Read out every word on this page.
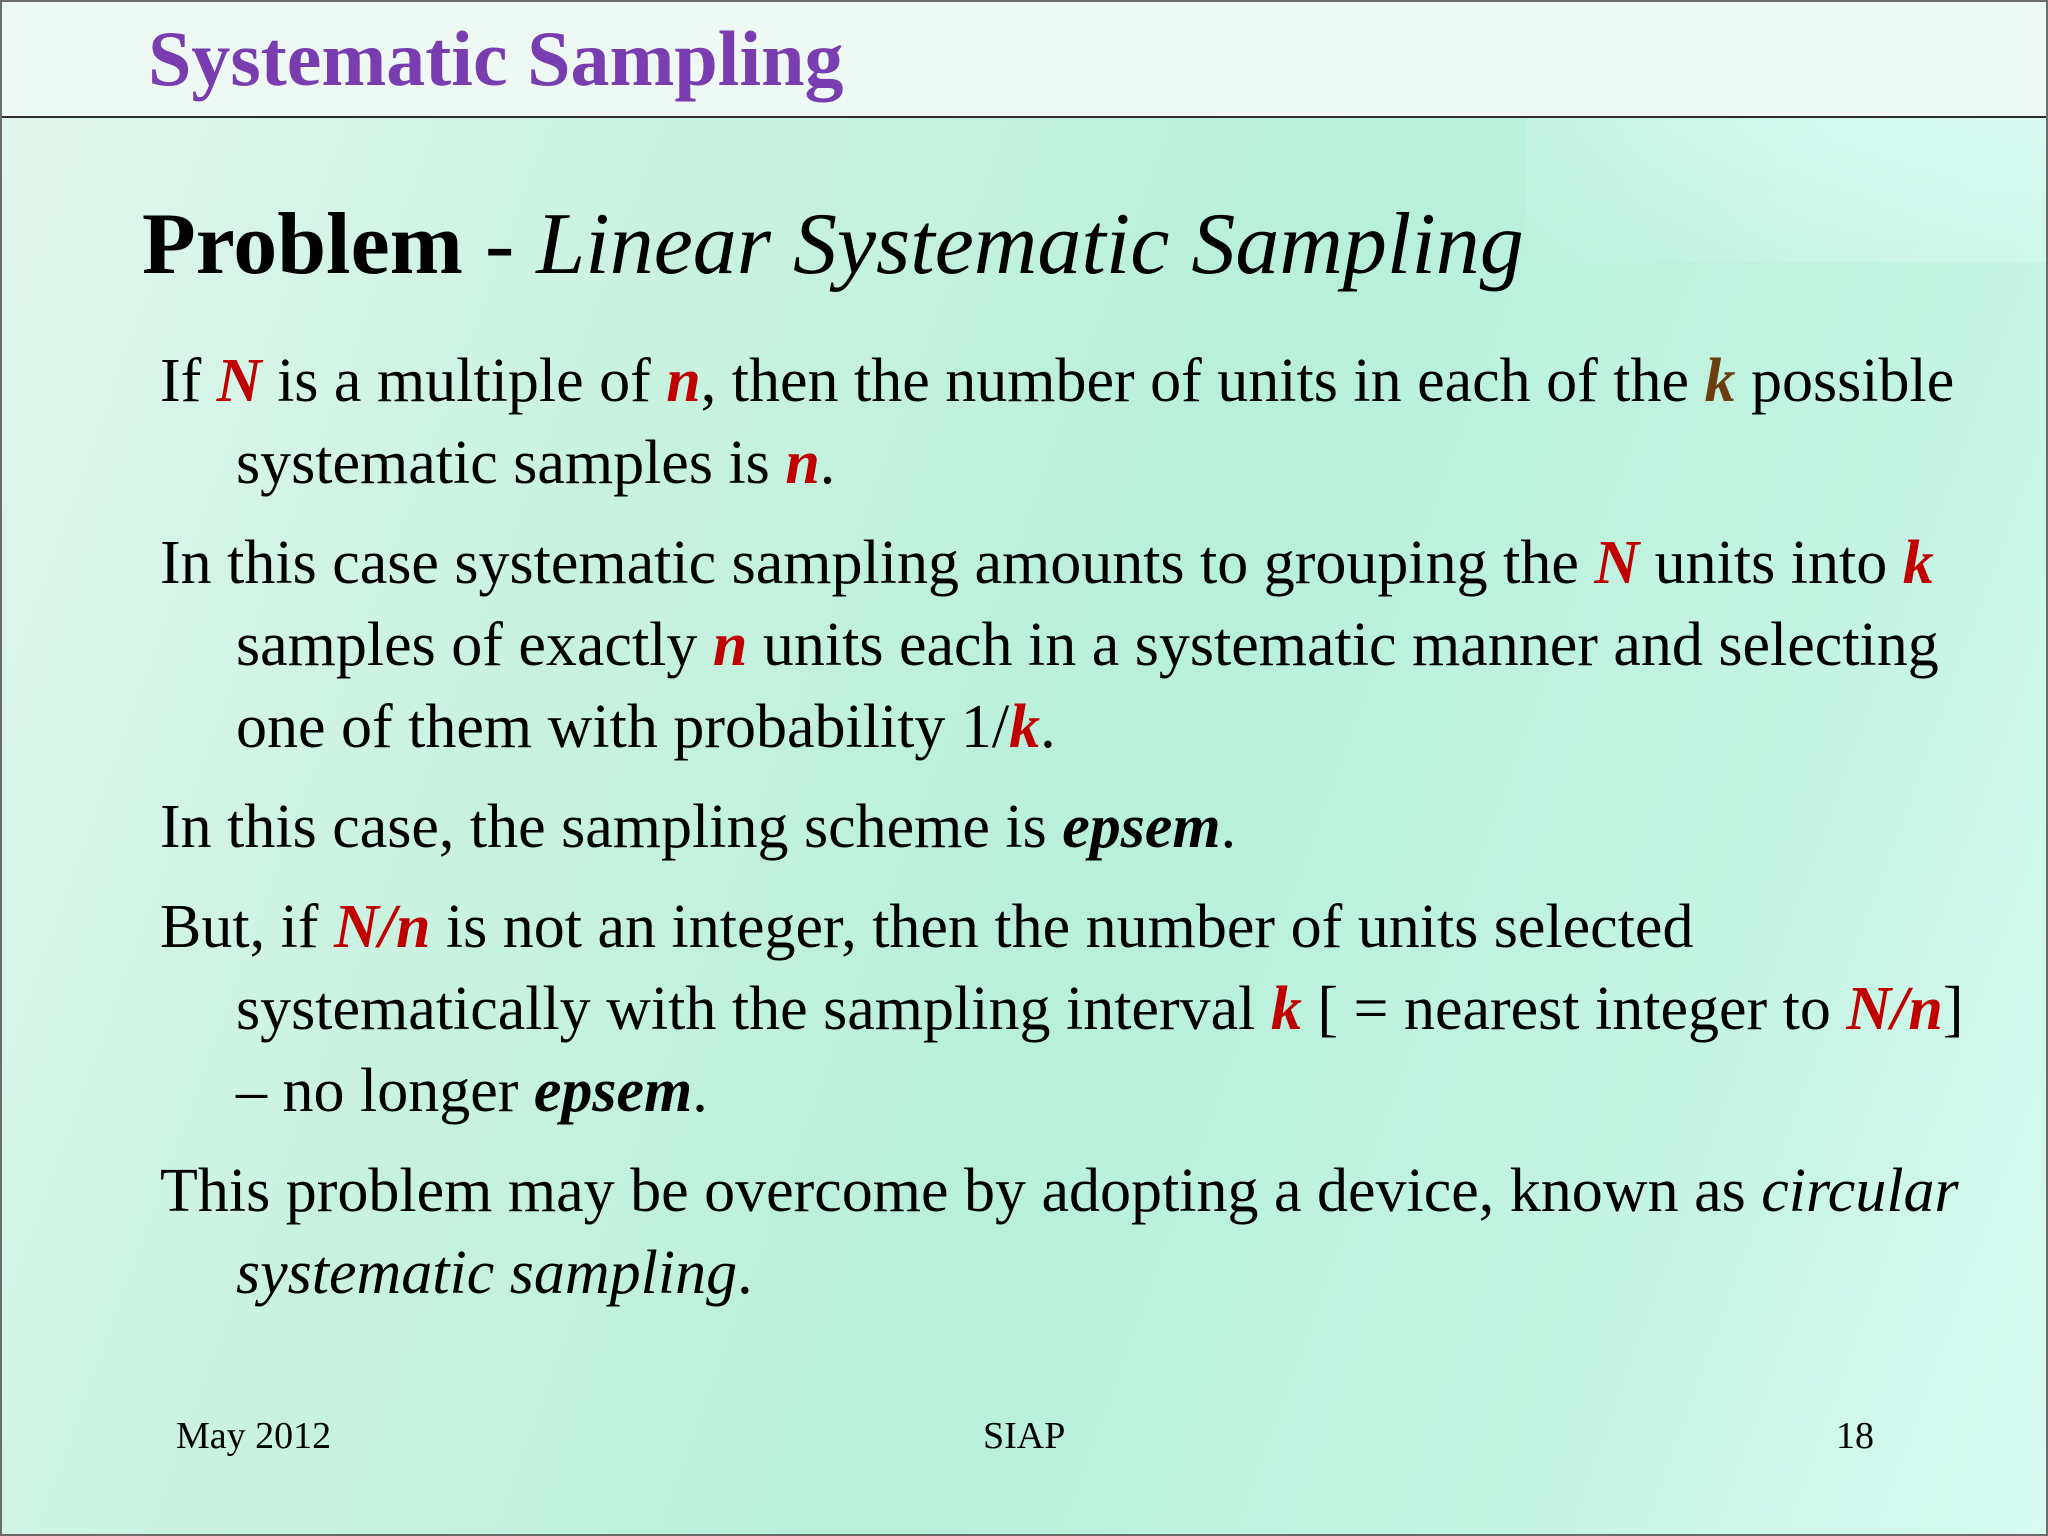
Systematic Sampling
Problem - Linear Systematic Sampling

If N is a multiple of n, then the number of units in each of the k possible systematic samples is n.

In this case systematic sampling amounts to grouping the N units into k samples of exactly n units each in a systematic manner and selecting one of them with probability 1/k.

In this case, the sampling scheme is epsem.

But, if N/n is not an integer, then the number of units selected systematically with the sampling interval k [ = nearest integer to N/n] – no longer epsem.

This problem may be overcome by adopting a device, known as circular systematic sampling.

May 2012	SIAP	18
